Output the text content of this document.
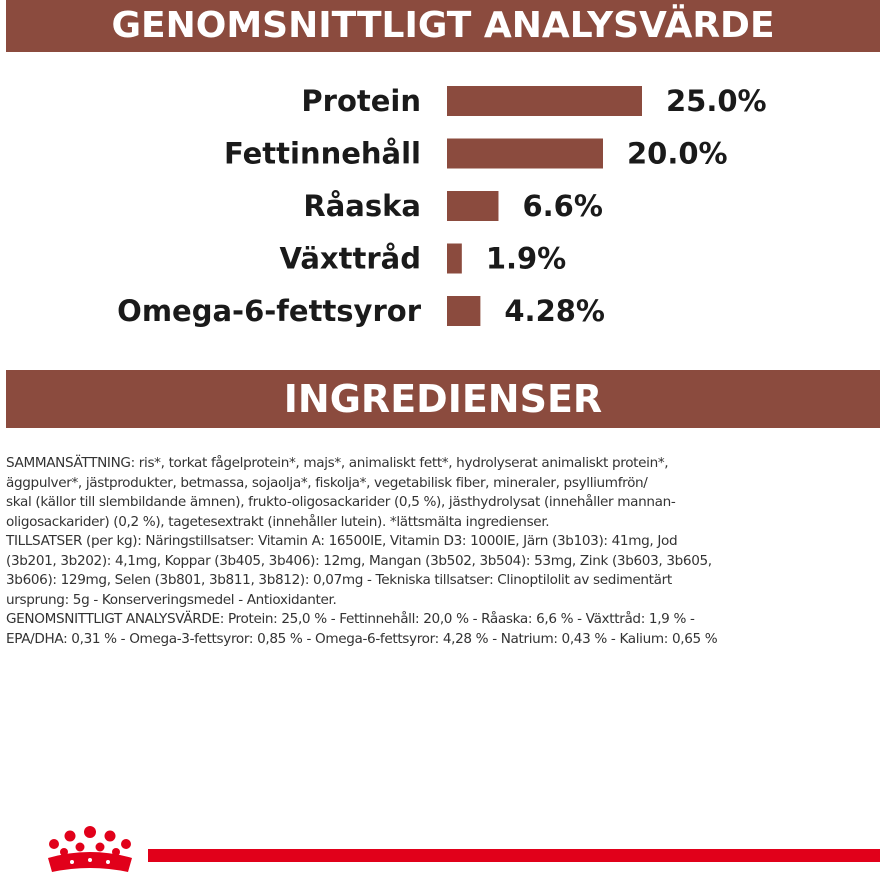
GENOMSNITTLIGT ANALYSVÄRDE
Protein	25.0%
Fettinnehåll	20.0%
Råaska	6.6%
Växttråd 1.9%
Omega-6-fettsyror	4.28%
INGREDIENSER
SAMMANSÄTTNING: ris*, torkat fågelprotein*, majs*, animaliskt fett*, hydrolyserat animaliskt protein*,
äggpulver*, jästprodukter, betmassa, sojaolja*, fiskolja*, vegetabilisk fiber, mineraler, psylliumfrön/
skal (källor till slembildande ämnen), frukto-oligosackarider (0,5 %), jästhydrolysat (innehåller mannan-
oligosackarider) (0,2 %), tagetesextrakt (innehåller lutein). *lättsmälta ingredienser.
TILLSATSER (per kg): Näringstillsatser: Vitamin A: 16500IE, Vitamin D3: 1000IE, Järn (3b103): 41mg, Jod
(3b201, 3b202): 4,1mg, Koppar (3b405, 3b406): 12mg, Mangan (3b502, 3b504): 53mg, Zink (3b603, 3b605,
3b606): 129mg, Selen (3b801, 3b811, 3b812): 0,07mg - Tekniska tillsatser: Clinoptilolit av sedimentärt
ursprung: 5g - Konserveringsmedel - Antioxidanter.
GENOMSNITTLIGT ANALYSVÄRDE: Protein: 25,0 % - Fettinnehåll: 20,0 % - Råaska: 6,6 % - Växttråd: 1,9 % -
EPA/DHA: 0,31 % - Omega-3-fettsyror: 0,85 % - Omega-6-fettsyror: 4,28 % - Natrium: 0,43 % - Kalium: 0,65 %
